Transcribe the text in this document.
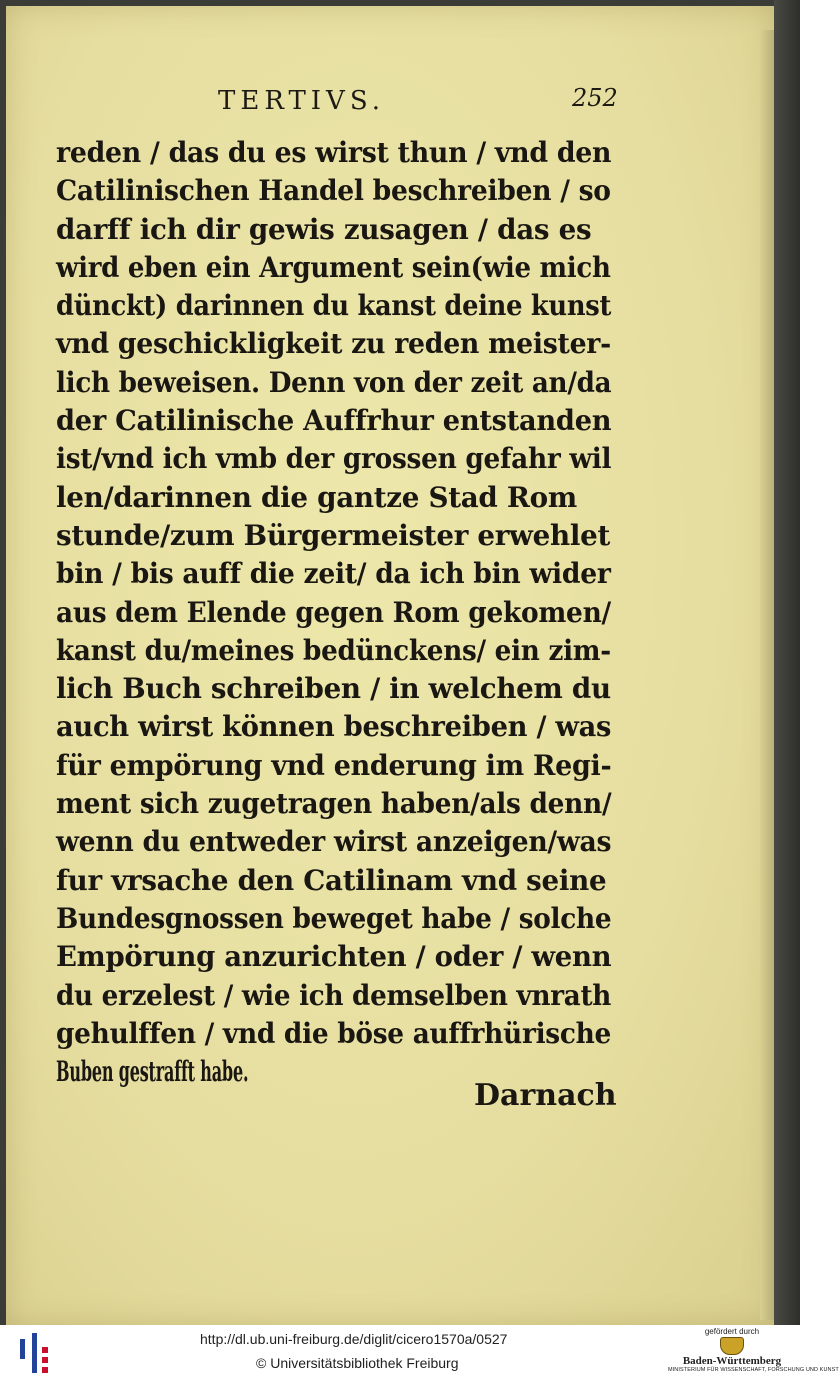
TERTIVS.	252
reden / das du es wirst thun / vnd den
Catilinischen Handel beschreiben / so
darff ich dir gewis zusagen / das es
wird eben ein Argument sein(wie mich
dünckt) darinnen du kanst deine kunst
vnd geschickligkeit zu reden meister-
lich beweisen. Denn von der zeit an/da
der Catilinische Auffrhur entstanden
ist/vnd ich vmb der grossen gefahr wil
len/darinnen die gantze Stad Rom
stunde/zum Bürgermeister erwehlet
bin / bis auff die zeit/ da ich bin wider
aus dem Elende gegen Rom gekomen/
kanst du/meines bedünckens/ ein zim-
lich Buch schreiben / in welchem du
auch wirst können beschreiben / was
für empörung vnd enderung im Regi-
ment sich zugetragen haben/als denn/
wenn du entweder wirst anzeigen/was
fur vrsache den Catilinam vnd seine
Bundesgnossen beweget habe / solche
Empörung anzurichten / oder / wenn
du erzelest / wie ich demselben vnrath
gehulffen / vnd die böse auffrhürische
Buben gestrafft habe.
Darnach
http://dl.ub.uni-freiburg.de/diglit/cicero1570a/0527
© Universitätsbibliothek Freiburg
gefördert durch
Baden-Württemberg
MINISTERIUM FÜR WISSENSCHAFT, FORSCHUNG UND KUNST
